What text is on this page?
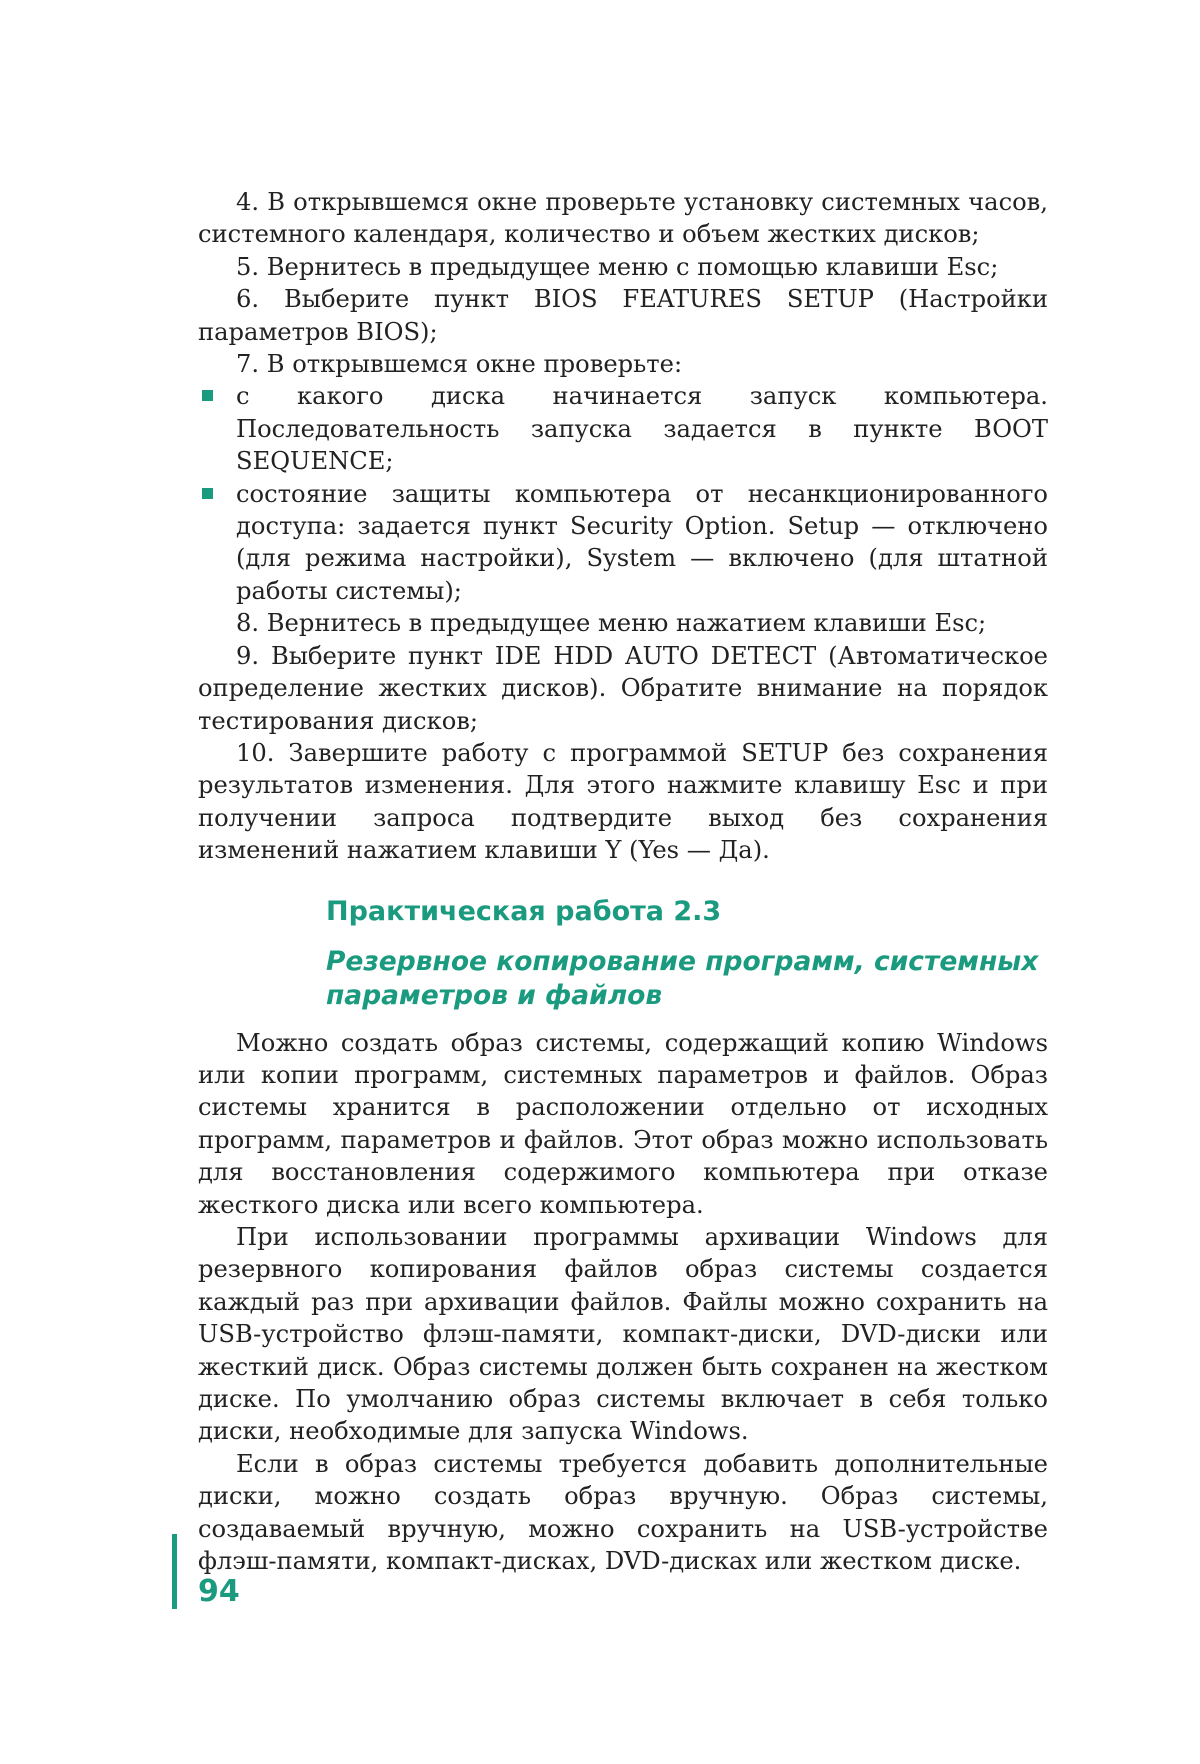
4. В открывшемся окне проверьте установку системных часов, системного календаря, количество и объем жестких дисков;

5. Вернитесь в предыдущее меню с помощью клавиши Esc;

6. Выберите пункт BIOS FEATURES SETUP (Настройки параметров BIOS);

7. В открывшемся окне проверьте:

с какого диска начинается запуск компьютера. Последовательность запуска задается в пункте BOOT SEQUENCE;
состояние защиты компьютера от несанкционированного доступа: задается пункт Security Option. Setup — отключено (для режима настройки), System — включено (для штатной работы системы);

8. Вернитесь в предыдущее меню нажатием клавиши Esc;

9. Выберите пункт IDE HDD AUTO DETECT (Автоматическое определение жестких дисков). Обратите внимание на порядок тестирования дисков;

10. Завершите работу с программой SETUP без сохранения результатов изменения. Для этого нажмите клавишу Esc и при получении запроса подтвердите выход без сохранения изменений нажатием клавиши Y (Yes — Да).

Практическая работа 2.3
Резервное копирование программ, системных параметров и файлов

Можно создать образ системы, содержащий копию Windows или копии программ, системных параметров и файлов. Образ системы хранится в расположении отдельно от исходных программ, параметров и файлов. Этот образ можно использовать для восстановления содержимого компьютера при отказе жесткого диска или всего компьютера.

При использовании программы архивации Windows для резервного копирования файлов образ системы создается каждый раз при архивации файлов. Файлы можно сохранить на USB-устройство флэш-памяти, компакт-диски, DVD-диски или жесткий диск. Образ системы должен быть сохранен на жестком диске. По умолчанию образ системы включает в себя только диски, необходимые для запуска Windows.

Если в образ системы требуется добавить дополнительные диски, можно создать образ вручную. Образ системы, создаваемый вручную, можно сохранить на USB-устройстве флэш-памяти, компакт-дисках, DVD-дисках или жестком диске.

94
